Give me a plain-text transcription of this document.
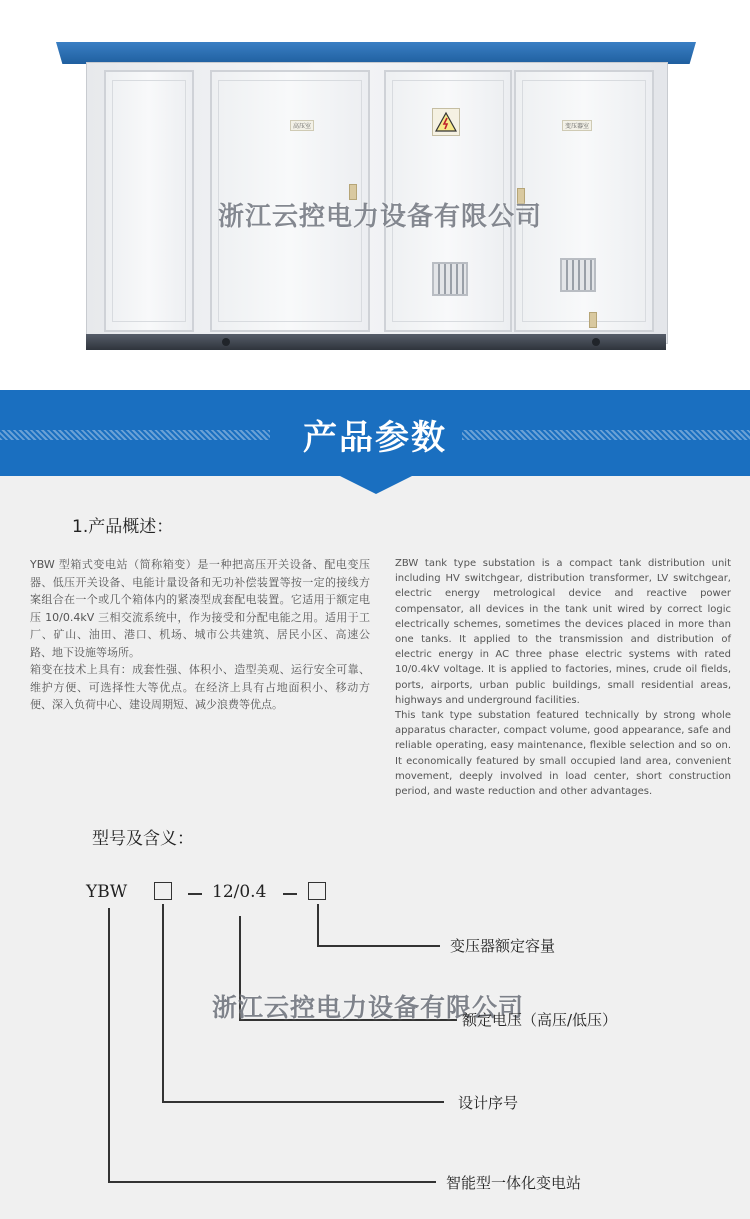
高压室	变压器室
浙江云控电力设备有限公司
产品参数
1.产品概述：

YBW 型箱式变电站（简称箱变）是一种把高压开关设备、配电变压器、低压开关设备、电能计量设备和无功补偿装置等按一定的接线方案组合在一个或几个箱体内的紧凑型成套配电装置。它适用于额定电压 10/0.4kV 三相交流系统中，作为接受和分配电能之用。适用于工厂、矿山、油田、港口、机场、城市公共建筑、居民小区、高速公路、地下设施等场所。

箱变在技术上具有：成套性强、体积小、造型美观、运行安全可靠、维护方便、可选择性大等优点。在经济上具有占地面积小、移动方便、深入负荷中心、建设周期短、减少浪费等优点。

ZBW tank type substation is a compact tank distribution unit including HV switchgear, distribution transformer, LV switchgear, electric energy metrological device and reactive power compensator, all devices in the tank unit wired by correct logic electrically schemes, sometimes the devices placed in more than one tanks. It applied to the transmission and distribution of electric energy in AC three phase electric systems with rated 10/0.4kV voltage. It is applied to factories, mines, crude oil fields, ports, airports, urban public buildings, small residential areas, highways and underground facilities.

This tank type substation featured technically by strong whole apparatus character, compact volume, good appearance, safe and reliable operating, easy maintenance, flexible selection and so on. It economically featured by small occupied land area, convenient movement, deeply involved in load center, short construction period, and waste reduction and other advantages.

型号及含义：
YBW	12/0.4
变压器额定容量
浙江云控电力设备有限公司
额定电压（高压/低压）
设计序号
智能型一体化变电站
